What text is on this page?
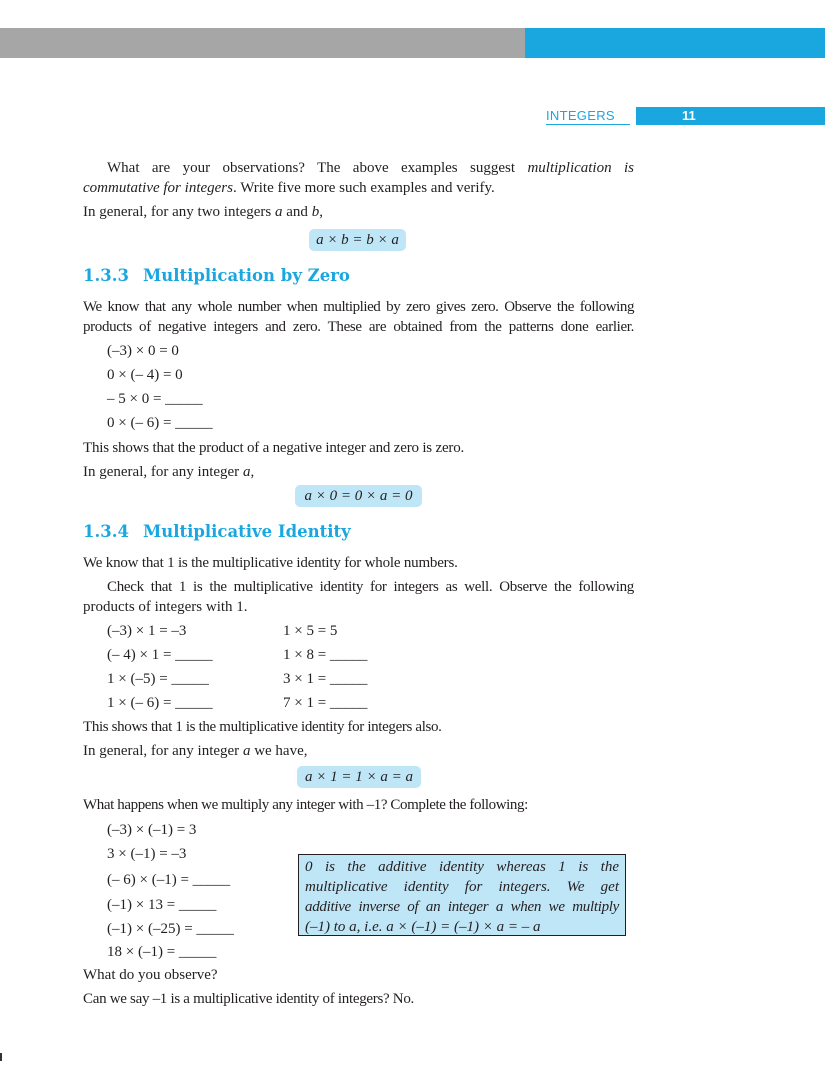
INTEGERS	11
What are your observations? The above examples suggest multiplication is
commutative for integers. Write five more such examples and verify.
In general, for any two integers a and b,
a × b = b × a
1.3.3 Multiplication by Zero
We know that any whole number when multiplied by zero gives zero. Observe the following
products of negative integers and zero. These are obtained from the patterns done earlier.
(–3) × 0 = 0
0 × (– 4) = 0
– 5 × 0 = _____
0 × (– 6) = _____
This shows that the product of a negative integer and zero is zero.
In general, for any integer a,
a × 0 = 0 × a = 0
1.3.4 Multiplicative Identity
We know that 1 is the multiplicative identity for whole numbers.
Check that 1 is the multiplicative identity for integers as well. Observe the following
products of integers with 1.
(–3) × 1 = –3
(– 4) × 1 = _____
1 × (–5) = _____
1 × (– 6) = _____
1 × 5 = 5
1 × 8 = _____
3 × 1 = _____
7 × 1 = _____
This shows that 1 is the multiplicative identity for integers also.
In general, for any integer a we have,
a × 1 = 1 × a = a
What happens when we multiply any integer with –1? Complete the following:
(–3) × (–1) = 3
3 × (–1) = –3
(– 6) × (–1) = _____
(–1) × 13 = _____
(–1) × (–25) = _____
18 × (–1) = _____
0 is the additive identity whereas 1 is the
multiplicative identity for integers. We get
additive inverse of an integer a when we multiply
(–1) to a, i.e. a × (–1) = (–1) × a = – a
What do you observe?
Can we say –1 is a multiplicative identity of integers? No.
